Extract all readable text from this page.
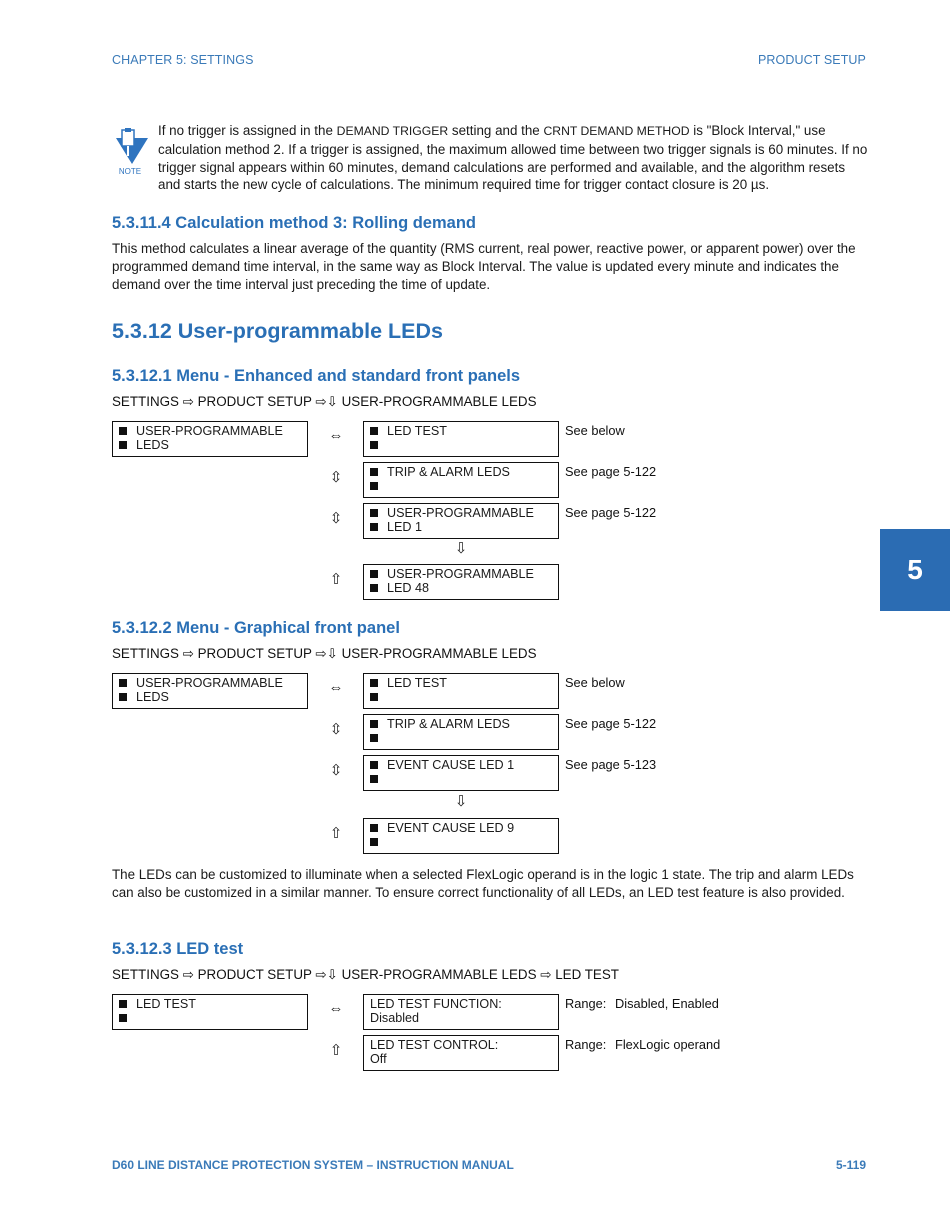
CHAPTER 5: SETTINGS	PRODUCT SETUP
NOTE
If no trigger is assigned in the DEMAND TRIGGER setting and the CRNT DEMAND METHOD is "Block Interval," use calculation method 2. If a trigger is assigned, the maximum allowed time between two trigger signals is 60 minutes. If no trigger signal appears within 60 minutes, demand calculations are performed and available, and the algorithm resets and starts the new cycle of calculations. The minimum required time for trigger contact closure is 20 µs.
5.3.11.4 Calculation method 3: Rolling demand
This method calculates a linear average of the quantity (RMS current, real power, reactive power, or apparent power) over the programmed demand time interval, in the same way as Block Interval. The value is updated every minute and indicates the demand over the time interval just preceding the time of update.
5.3.12 User-programmable LEDs
5.3.12.1 Menu - Enhanced and standard front panels
SETTINGS ⇨ PRODUCT SETUP ⇨⇩ USER-PROGRAMMABLE LEDS
USER-PROGRAMMABLE
LEDS
⇔	LED TEST	See below
⇳	TRIP & ALARM LEDS	See page 5-122
⇳	USER-PROGRAMMABLE
LED 1
See page 5-122
⇩
⇧	USER-PROGRAMMABLE
LED 48
5.3.12.2 Menu - Graphical front panel
SETTINGS ⇨ PRODUCT SETUP ⇨⇩ USER-PROGRAMMABLE LEDS
USER-PROGRAMMABLE
LEDS
⇔	LED TEST	See below
⇳	TRIP & ALARM LEDS	See page 5-122
⇳	EVENT CAUSE LED 1	See page 5-123
⇩
⇧	EVENT CAUSE LED 9
The LEDs can be customized to illuminate when a selected FlexLogic operand is in the logic 1 state. The trip and alarm LEDs can also be customized in a similar manner. To ensure correct functionality of all LEDs, an LED test feature is also provided.
5.3.12.3 LED test
SETTINGS ⇨ PRODUCT SETUP ⇨⇩ USER-PROGRAMMABLE LEDS ⇨ LED TEST
LED TEST	⇔ LED TEST FUNCTION:
Disabled
Range: Disabled, Enabled
⇧ LED TEST CONTROL:
Off
Range: FlexLogic operand
5
D60 LINE DISTANCE PROTECTION SYSTEM – INSTRUCTION MANUAL	5-119
